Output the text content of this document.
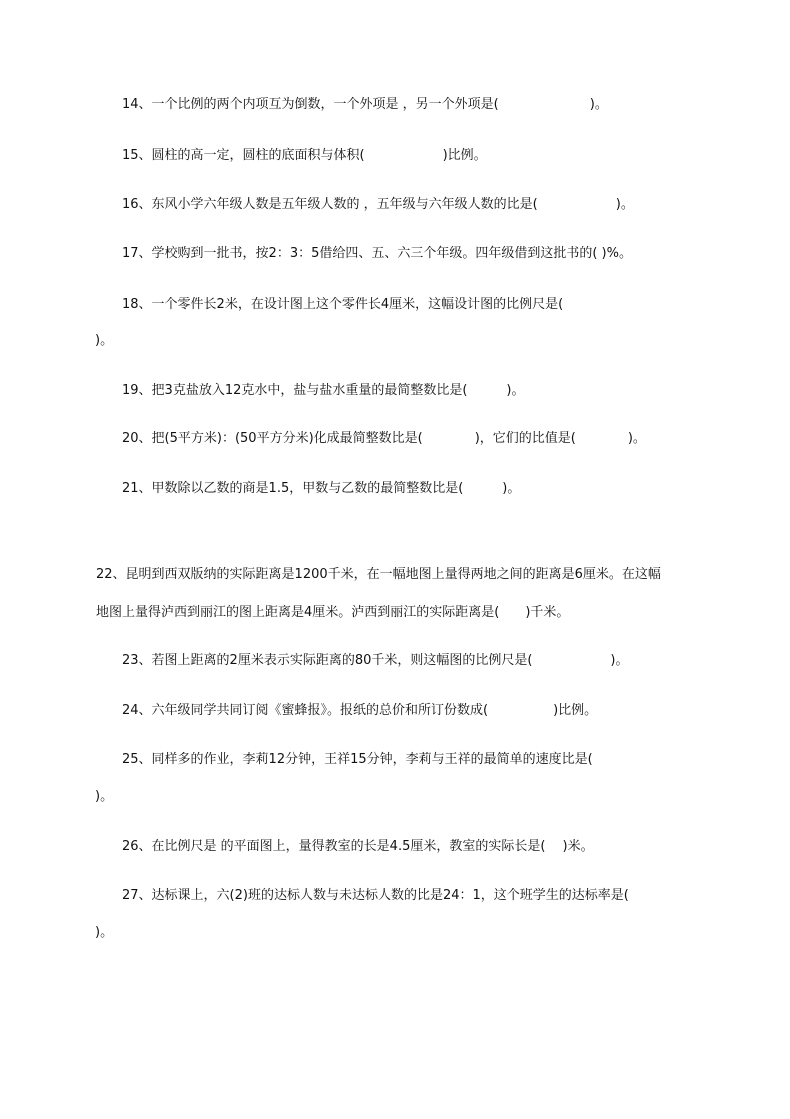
14、一个比例的两个内项互为倒数，一个外项是 ，另一个外项是(　　　　　　　)。
15、圆柱的高一定，圆柱的底面积与体积(　　　　　　)比例。
16、东风小学六年级人数是五年级人数的 ，五年级与六年级人数的比是(　　　　　　)。
17、学校购到一批书，按2：3：5借给四、五、六三个年级。四年级借到这批书的( )%。
18、一个零件长2米，在设计图上这个零件长4厘米，这幅设计图的比例尺是(
)。
19、把3克盐放入12克水中，盐与盐水重量的最简整数比是(　　　)。
20、把(5平方米)：(50平方分米)化成最简整数比是(　　　　)，它们的比值是(　　　　)。
21、甲数除以乙数的商是1.5，甲数与乙数的最简整数比是(　　　)。
22、昆明到西双版纳的实际距离是1200千米，在一幅地图上量得两地之间的距离是6厘米。在这幅
地图上量得泸西到丽江的图上距离是4厘米。泸西到丽江的实际距离是(　　)千米。
23、若图上距离的2厘米表示实际距离的80千米，则这幅图的比例尺是(　　　　　　)。
24、六年级同学共同订阅《蜜蜂报》。报纸的总价和所订份数成(　　　　　)比例。
25、同样多的作业，李莉12分钟，王祥15分钟，李莉与王祥的最简单的速度比是(
)。
26、在比例尺是 的平面图上，量得教室的长是4.5厘米，教室的实际长是(　 )米。
27、达标课上，六(2)班的达标人数与未达标人数的比是24：1，这个班学生的达标率是(
)。
